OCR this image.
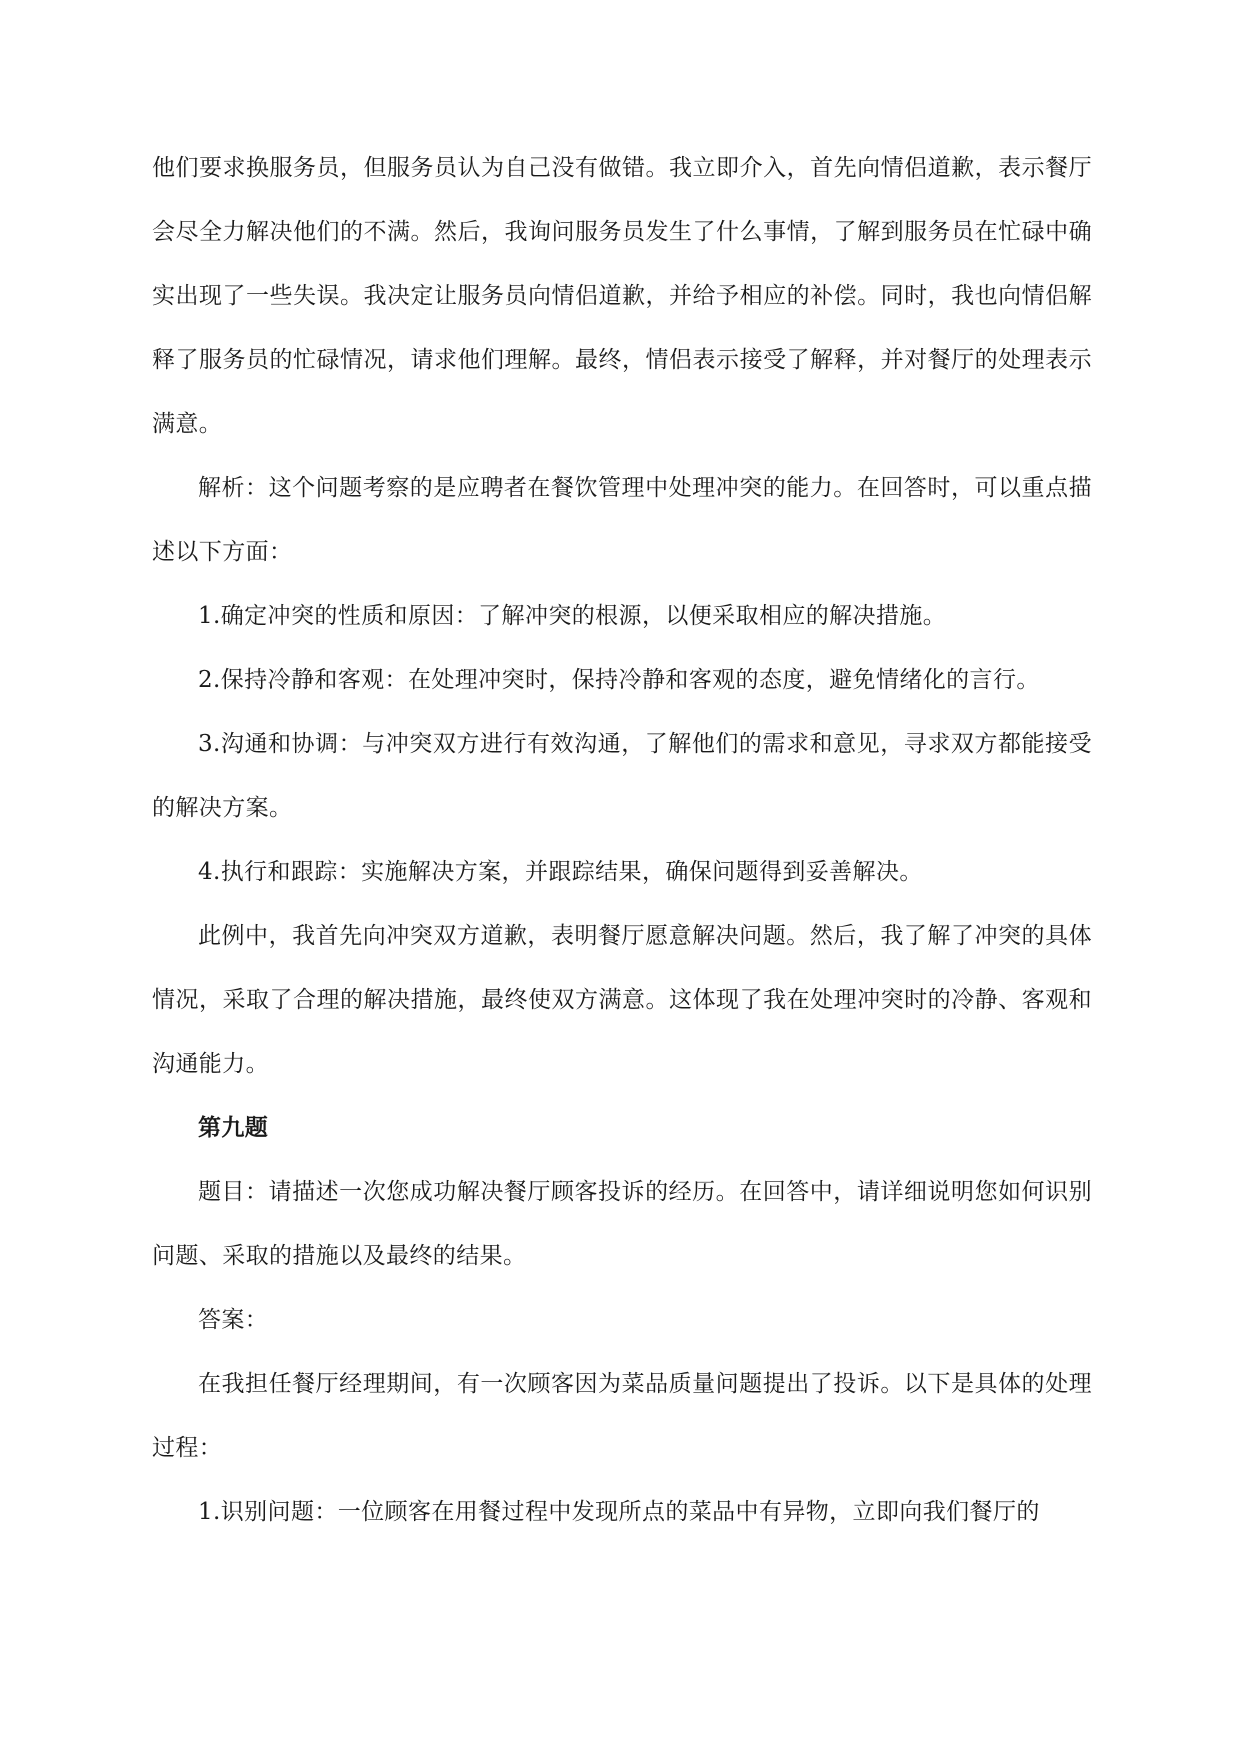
他们要求换服务员，但服务员认为自己没有做错。我立即介入，首先向情侣道歉，表示餐厅会尽全力解决他们的不满。然后，我询问服务员发生了什么事情，了解到服务员在忙碌中确实出现了一些失误。我决定让服务员向情侣道歉，并给予相应的补偿。同时，我也向情侣解释了服务员的忙碌情况，请求他们理解。最终，情侣表示接受了解释，并对餐厅的处理表示满意。

解析：这个问题考察的是应聘者在餐饮管理中处理冲突的能力。在回答时，可以重点描述以下方面：

1.确定冲突的性质和原因：了解冲突的根源，以便采取相应的解决措施。

2.保持冷静和客观：在处理冲突时，保持冷静和客观的态度，避免情绪化的言行。

3.沟通和协调：与冲突双方进行有效沟通，了解他们的需求和意见，寻求双方都能接受的解决方案。

4.执行和跟踪：实施解决方案，并跟踪结果，确保问题得到妥善解决。

此例中，我首先向冲突双方道歉，表明餐厅愿意解决问题。然后，我了解了冲突的具体情况，采取了合理的解决措施，最终使双方满意。这体现了我在处理冲突时的冷静、客观和沟通能力。

第九题

题目：请描述一次您成功解决餐厅顾客投诉的经历。在回答中，请详细说明您如何识别问题、采取的措施以及最终的结果。

答案：

在我担任餐厅经理期间，有一次顾客因为菜品质量问题提出了投诉。以下是具体的处理过程：

1.识别问题：一位顾客在用餐过程中发现所点的菜品中有异物，立即向我们餐厅的
